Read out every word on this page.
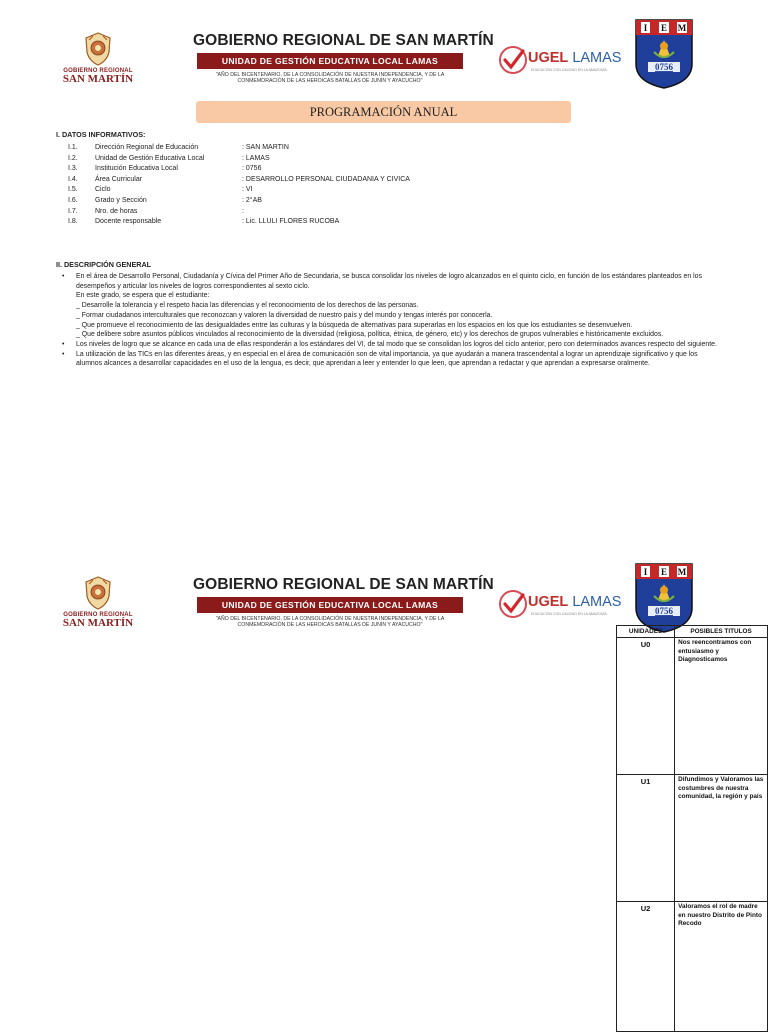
GOBIERNO REGIONAL
SAN MARTÍN
GOBIERNO REGIONAL DE SAN MARTÍN
UNIDAD DE GESTIÓN EDUCATIVA LOCAL LAMAS
"AÑO DEL BICENTENARIO, DE LA CONSOLIDACIÓN DE NUESTRA INDEPENDENCIA, Y DE LA
CONMEMORACIÓN DE LAS HEROICAS BATALLAS DE JUNÍN Y AYACUCHO"
UGEL LAMAS
EDUCACIÓN CON CALIDAD EN LA AMAZONÍA
I E M
0756
PROGRAMACIÓN ANUAL
I. DATOS INFORMATIVOS:
I.1. Dirección Regional de Educación	: SAN MARTIN
I.2. Unidad de Gestión Educativa Local	: LAMAS
I.3. Institución Educativa Local	: 0756
I.4. Área Curricular	: DESARROLLO PERSONAL CIUDADANIA Y CIVICA
I.5. Ciclo	: VI
I.6. Grado y Sección	: 2°AB
I.7. Nro. de horas	:
I.8. Docente responsable	: Lic. LLULI FLORES RUCOBA
II. DESCRIPCIÓN GENERAL
• En el área de Desarrollo Personal, Ciudadanía y Cívica del Primer Año de Secundaria, se busca consolidar los niveles de logro alcanzados en el quinto ciclo, en función de los estándares planteados en los desempeños y articular los niveles de logros correspondientes al sexto ciclo.
En este grado, se espera que el estudiante:
_ Desarrolle la tolerancia y el respeto hacia las diferencias y el reconocimiento de los derechos de las personas.
_ Formar ciudadanos interculturales que reconozcan y valoren la diversidad de nuestro país y del mundo y tengas interés por conocerla.
_ Que promueve el reconocimiento de las desigualdades entre las culturas y la búsqueda de alternativas para superarlas en los espacios en los que los estudiantes se desenvuelven.
_ Que delibere sobre asuntos públicos vinculados al reconocimiento de la diversidad (religiosa, política, étnica, de género, etc) y los derechos de grupos vulnerables e históricamente excluidos.
• Los niveles de logro que se alcance en cada una de ellas responderán a los estándares del VI, de tal modo que se consolidan los logros del ciclo anterior, pero con determinados avances respecto del siguiente.
• La utilización de las TICs en las diferentes áreas, y en especial en el área de comunicación son de vital importancia, ya que ayudarán a manera trascendental a lograr un aprendizaje significativo y que los alumnos alcances a desarrollar capacidades en el uso de la lengua, es decir, que aprendan a leer y entender lo que leen, que aprendan a redactar y que aprendan a expresarse oralmente.
GOBIERNO REGIONAL
SAN MARTÍN
GOBIERNO REGIONAL DE SAN MARTÍN
UNIDAD DE GESTIÓN EDUCATIVA LOCAL LAMAS
"AÑO DEL BICENTENARIO, DE LA CONSOLIDACIÓN DE NUESTRA INDEPENDENCIA, Y DE LA
CONMEMORACIÓN DE LAS HEROICAS BATALLAS DE JUNÍN Y AYACUCHO"
UGEL LAMAS
EDUCACIÓN CON CALIDAD EN LA AMAZONÍA
I E M
0756
UNIDADES	POSIBLES TITULOS
U0	Nos reencontramos con entusiasmo y Diagnosticamos
U1	Difundimos y Valoramos las costumbres de nuestra comunidad, la región y país
U2	Valoramos el rol de madre en nuestro Distrito de Pinto Recodo
